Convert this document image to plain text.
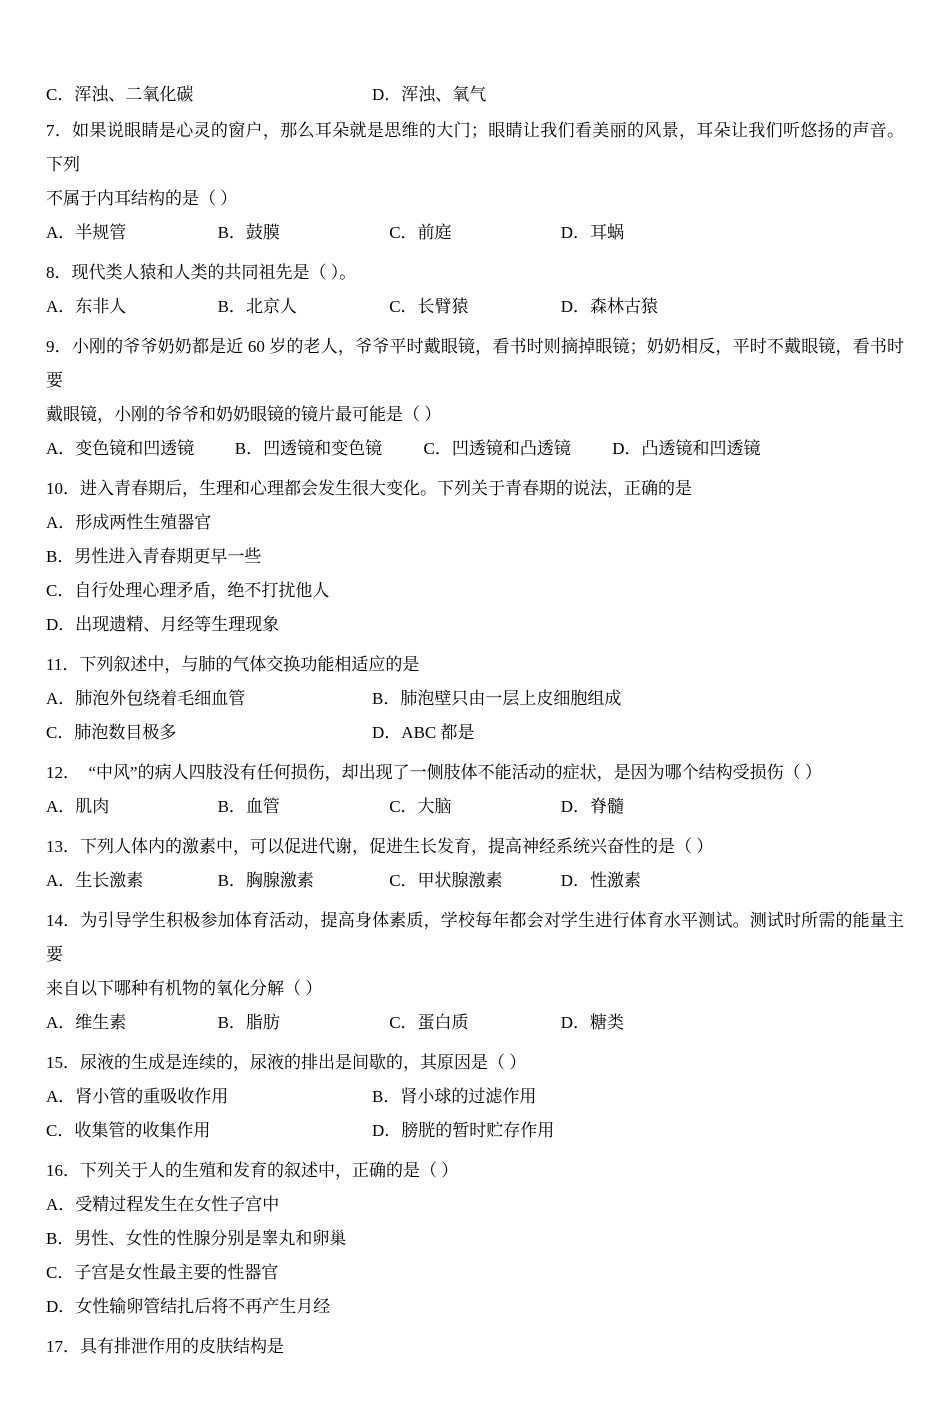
C．浑浊、二氧化碳	D．浑浊、氧气
7．如果说眼睛是心灵的窗户，那么耳朵就是思维的大门；眼睛让我们看美丽的风景，耳朵让我们听悠扬的声音。下列
不属于内耳结构的是（ ）
A．半规管	B．鼓膜	C．前庭	D．耳蜗
8．现代类人猿和人类的共同祖先是（ ）。
A．东非人	B．北京人	C．长臂猿	D．森林古猿
9．小刚的爷爷奶奶都是近 60 岁的老人，爷爷平时戴眼镜，看书时则摘掉眼镜；奶奶相反，平时不戴眼镜，看书时要
戴眼镜，小刚的爷爷和奶奶眼镜的镜片最可能是（ ）
A．变色镜和凹透镜	B．凹透镜和变色镜	C．凹透镜和凸透镜	D．凸透镜和凹透镜
10．进入青春期后，生理和心理都会发生很大变化。下列关于青春期的说法，正确的是
A．形成两性生殖器官
B．男性进入青春期更早一些
C．自行处理心理矛盾，绝不打扰他人
D．出现遗精、月经等生理现象
11．下列叙述中，与肺的气体交换功能相适应的是
A．肺泡外包绕着毛细血管	B．肺泡壁只由一层上皮细胞组成
C．肺泡数目极多	D．ABC 都是
12．　“中风”的病人四肢没有任何损伤，却出现了一侧肢体不能活动的症状，是因为哪个结构受损伤（ ）
A．肌肉	B．血管	C．大脑	D．脊髓
13．下列人体内的激素中，可以促进代谢，促进生长发育，提高神经系统兴奋性的是（ ）
A．生长激素	B．胸腺激素	C．甲状腺激素	D．性激素
14．为引导学生积极参加体育活动，提高身体素质，学校每年都会对学生进行体育水平测试。测试时所需的能量主要
来自以下哪种有机物的氧化分解（ ）
A．维生素	B．脂肪	C．蛋白质	D．糖类
15．尿液的生成是连续的，尿液的排出是间歇的，其原因是（ ）
A．肾小管的重吸收作用	B．肾小球的过滤作用
C．收集管的收集作用	D．膀胱的暂时贮存作用
16．下列关于人的生殖和发育的叙述中，正确的是（ ）
A．受精过程发生在女性子宫中
B．男性、女性的性腺分别是睾丸和卵巢
C．子宫是女性最主要的性器官
D．女性输卵管结扎后将不再产生月经
17．具有排泄作用的皮肤结构是
